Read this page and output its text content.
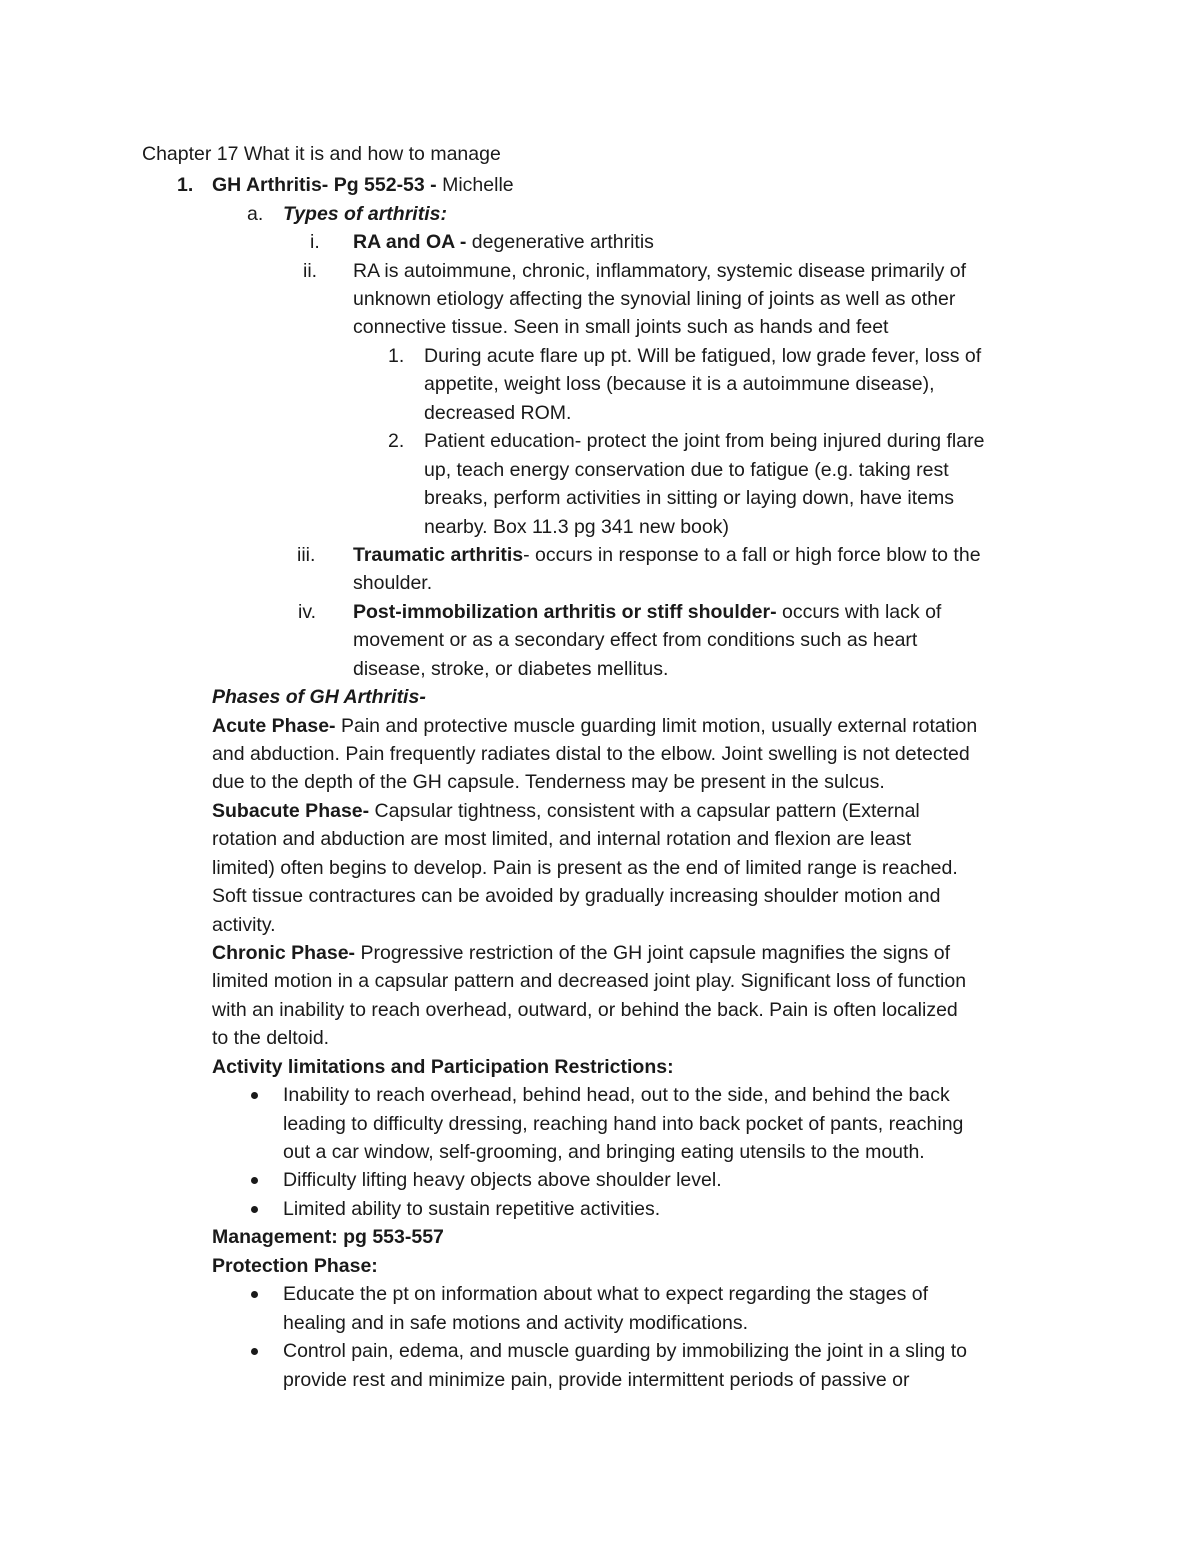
Chapter 17 What it is and how to manage
1. GH Arthritis- Pg 552-53 - Michelle
a. Types of arthritis:
i. RA and OA - degenerative arthritis
ii. RA is autoimmune, chronic, inflammatory, systemic disease primarily of
unknown etiology affecting the synovial lining of joints as well as other
connective tissue. Seen in small joints such as hands and feet
1. During acute flare up pt. Will be fatigued, low grade fever, loss of
appetite, weight loss (because it is a autoimmune disease),
decreased ROM.
2. Patient education- protect the joint from being injured during flare
up, teach energy conservation due to fatigue (e.g. taking rest
breaks, perform activities in sitting or laying down, have items
nearby. Box 11.3 pg 341 new book)
iii. Traumatic arthritis- occurs in response to a fall or high force blow to the
shoulder.
iv. Post-immobilization arthritis or stiff shoulder- occurs with lack of
movement or as a secondary effect from conditions such as heart
disease, stroke, or diabetes mellitus.
Phases of GH Arthritis-
Acute Phase- Pain and protective muscle guarding limit motion, usually external rotation
and abduction. Pain frequently radiates distal to the elbow. Joint swelling is not detected
due to the depth of the GH capsule. Tenderness may be present in the sulcus.
Subacute Phase- Capsular tightness, consistent with a capsular pattern (External
rotation and abduction are most limited, and internal rotation and flexion are least
limited) often begins to develop. Pain is present as the end of limited range is reached.
Soft tissue contractures can be avoided by gradually increasing shoulder motion and
activity.
Chronic Phase- Progressive restriction of the GH joint capsule magnifies the signs of
limited motion in a capsular pattern and decreased joint play. Significant loss of function
with an inability to reach overhead, outward, or behind the back. Pain is often localized
to the deltoid.
Activity limitations and Participation Restrictions:
Inability to reach overhead, behind head, out to the side, and behind the back
leading to difficulty dressing, reaching hand into back pocket of pants, reaching
out a car window, self-grooming, and bringing eating utensils to the mouth.
Difficulty lifting heavy objects above shoulder level.
Limited ability to sustain repetitive activities.
Management: pg 553-557
Protection Phase:
Educate the pt on information about what to expect regarding the stages of
healing and in safe motions and activity modifications.
Control pain, edema, and muscle guarding by immobilizing the joint in a sling to
provide rest and minimize pain, provide intermittent periods of passive or
